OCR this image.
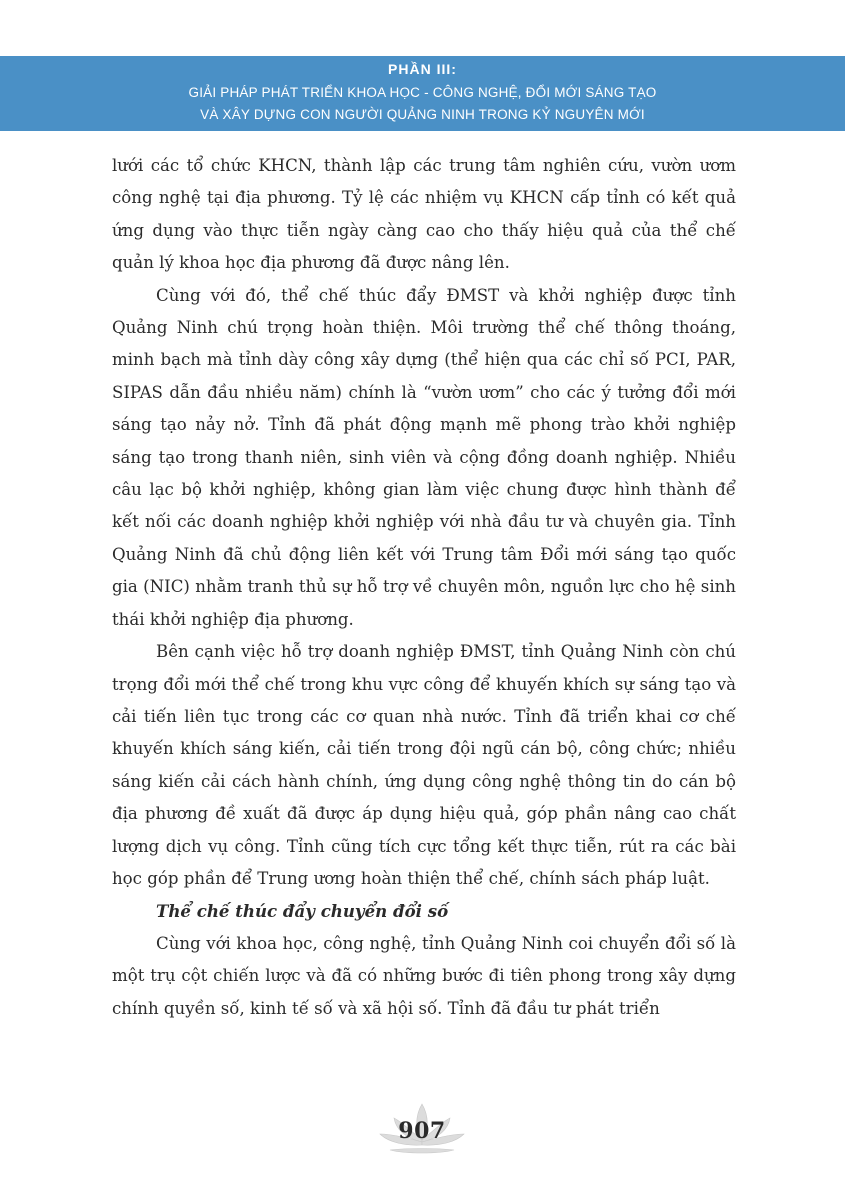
PHẦN III:
GIẢI PHÁP PHÁT TRIỂN KHOA HỌC - CÔNG NGHỆ, ĐỔI MỚI SÁNG TẠO
VÀ XÂY DỰNG CON NGƯỜI QUẢNG NINH TRONG KỶ NGUYÊN MỚI

lưới các tổ chức KHCN, thành lập các trung tâm nghiên cứu, vườn ươm công nghệ tại địa phương. Tỷ lệ các nhiệm vụ KHCN cấp tỉnh có kết quả ứng dụng vào thực tiễn ngày càng cao cho thấy hiệu quả của thể chế quản lý khoa học địa phương đã được nâng lên.

Cùng với đó, thể chế thúc đẩy ĐMST và khởi nghiệp được tỉnh Quảng Ninh chú trọng hoàn thiện. Môi trường thể chế thông thoáng, minh bạch mà tỉnh dày công xây dựng (thể hiện qua các chỉ số PCI, PAR, SIPAS dẫn đầu nhiều năm) chính là “vườn ươm” cho các ý tưởng đổi mới sáng tạo nảy nở. Tỉnh đã phát động mạnh mẽ phong trào khởi nghiệp sáng tạo trong thanh niên, sinh viên và cộng đồng doanh nghiệp. Nhiều câu lạc bộ khởi nghiệp, không gian làm việc chung được hình thành để kết nối các doanh nghiệp khởi nghiệp với nhà đầu tư và chuyên gia. Tỉnh Quảng Ninh đã chủ động liên kết với Trung tâm Đổi mới sáng tạo quốc gia (NIC) nhằm tranh thủ sự hỗ trợ về chuyên môn, nguồn lực cho hệ sinh thái khởi nghiệp địa phương.

Bên cạnh việc hỗ trợ doanh nghiệp ĐMST, tỉnh Quảng Ninh còn chú trọng đổi mới thể chế trong khu vực công để khuyến khích sự sáng tạo và cải tiến liên tục trong các cơ quan nhà nước. Tỉnh đã triển khai cơ chế khuyến khích sáng kiến, cải tiến trong đội ngũ cán bộ, công chức; nhiều sáng kiến cải cách hành chính, ứng dụng công nghệ thông tin do cán bộ địa phương đề xuất đã được áp dụng hiệu quả, góp phần nâng cao chất lượng dịch vụ công. Tỉnh cũng tích cực tổng kết thực tiễn, rút ra các bài học góp phần để Trung ương hoàn thiện thể chế, chính sách pháp luật.

Thể chế thúc đẩy chuyển đổi số

Cùng với khoa học, công nghệ, tỉnh Quảng Ninh coi chuyển đổi số là một trụ cột chiến lược và đã có những bước đi tiên phong trong xây dựng chính quyền số, kinh tế số và xã hội số. Tỉnh đã đầu tư phát triển

907
